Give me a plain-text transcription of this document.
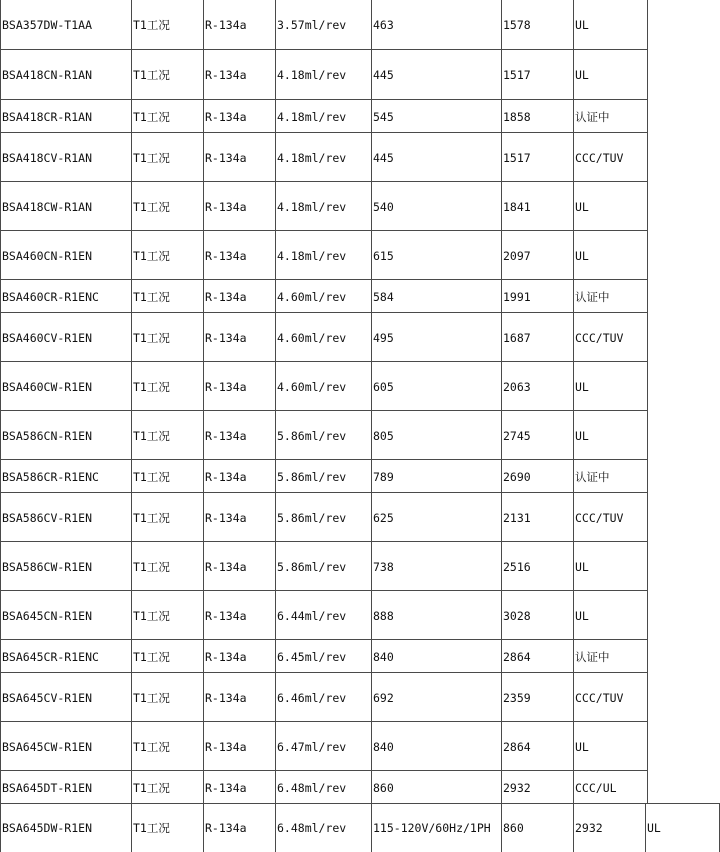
BSA357DW-T1AA	T1工况	R-134a	3.57ml/rev	463	1578	UL
BSA418CN-R1AN	T1工况	R-134a	4.18ml/rev	445	1517	UL
BSA418CR-R1AN	T1工况	R-134a	4.18ml/rev	545	1858	认证中
BSA418CV-R1AN	T1工况	R-134a	4.18ml/rev	445	1517	CCC/TUV
BSA418CW-R1AN	T1工况	R-134a	4.18ml/rev	540	1841	UL
BSA460CN-R1EN	T1工况	R-134a	4.18ml/rev	615	2097	UL
BSA460CR-R1ENC	T1工况	R-134a	4.60ml/rev	584	1991	认证中
BSA460CV-R1EN	T1工况	R-134a	4.60ml/rev	495	1687	CCC/TUV
BSA460CW-R1EN	T1工况	R-134a	4.60ml/rev	605	2063	UL
BSA586CN-R1EN	T1工况	R-134a	5.86ml/rev	805	2745	UL
BSA586CR-R1ENC	T1工况	R-134a	5.86ml/rev	789	2690	认证中
BSA586CV-R1EN	T1工况	R-134a	5.86ml/rev	625	2131	CCC/TUV
BSA586CW-R1EN	T1工况	R-134a	5.86ml/rev	738	2516	UL
BSA645CN-R1EN	T1工况	R-134a	6.44ml/rev	888	3028	UL
BSA645CR-R1ENC	T1工况	R-134a	6.45ml/rev	840	2864	认证中
BSA645CV-R1EN	T1工况	R-134a	6.46ml/rev	692	2359	CCC/TUV
BSA645CW-R1EN	T1工况	R-134a	6.47ml/rev	840	2864	UL
BSA645DT-R1EN	T1工况	R-134a	6.48ml/rev	860	2932	CCC/UL
BSA645DW-R1EN	T1工况	R-134a	6.48ml/rev	115-120V/60Hz/1PH	860	2932	UL
